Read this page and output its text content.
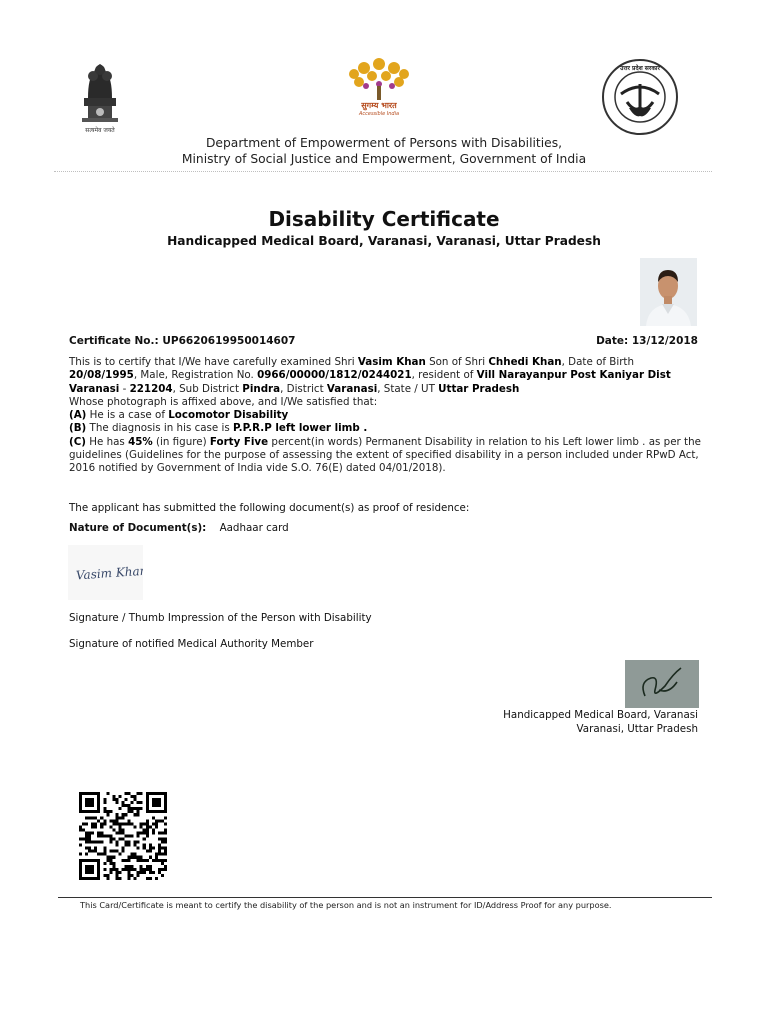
सत्यमेव जयते
सुगम्य भारत
Accessible India
उत्तर प्रदेश सरकार
Department of Empowerment of Persons with Disabilities,
Ministry of Social Justice and Empowerment, Government of India
Disability Certificate
Handicapped Medical Board, Varanasi, Varanasi, Uttar Pradesh
Certificate No.: UP6620619950014607	Date: 13/12/2018
This is to certify that I/We have carefully examined Shri Vasim Khan Son of Shri Chhedi Khan, Date of Birth 20/08/1995, Male, Registration No. 0966/00000/1812/0244021, resident of Vill Narayanpur Post Kaniyar Dist Varanasi - 221204, Sub District Pindra, District Varanasi, State / UT Uttar Pradesh
Whose photograph is affixed above, and I/We satisfied that:
(A) He is a case of Locomotor Disability
(B) The diagnosis in his case is P.P.R.P left lower limb .
(C) He has 45% (in figure) Forty Five percent(in words) Permanent Disability in relation to his Left lower limb . as per the guidelines (Guidelines for the purpose of assessing the extent of specified disability in a person included under RPwD Act, 2016 notified by Government of India vide S.O. 76(E) dated 04/01/2018).
The applicant has submitted the following document(s) as proof of residence:
Nature of Document(s): Aadhaar card
Vasim Khan
Signature / Thumb Impression of the Person with Disability
Signature of notified Medical Authority Member
Handicapped Medical Board, Varanasi
Varanasi, Uttar Pradesh
This Card/Certificate is meant to certify the disability of the person and is not an instrument for ID/Address Proof for any purpose.
